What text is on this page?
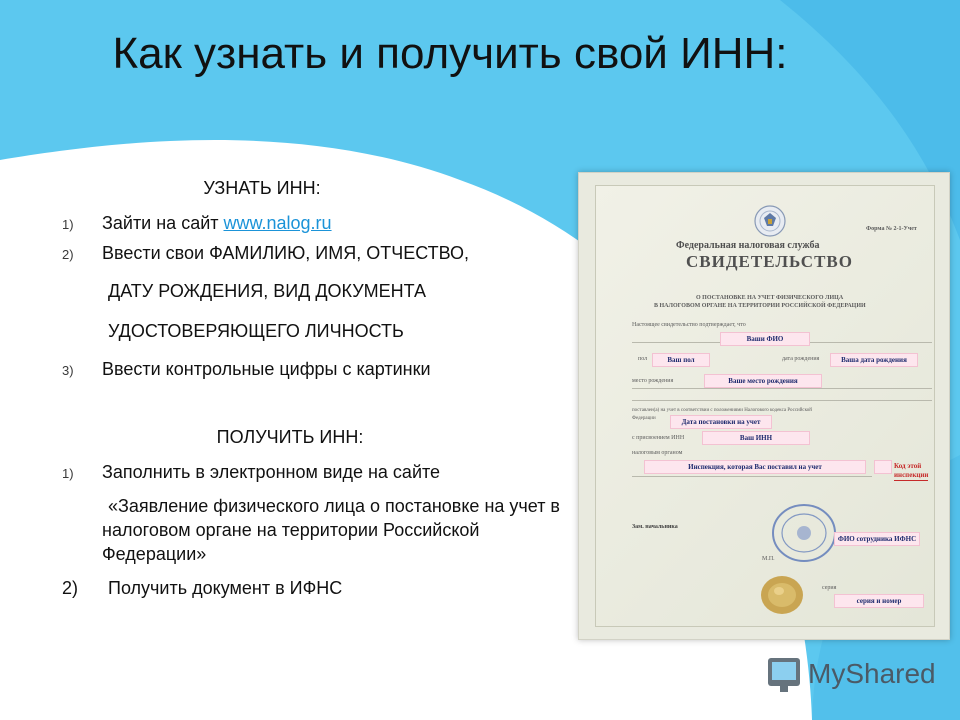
Как узнать и получить свой ИНН:
УЗНАТЬ ИНН:
1) Зайти на сайт www.nalog.ru
2) Ввести свои ФАМИЛИЮ, ИМЯ, ОТЧЕСТВО,
ДАТУ РОЖДЕНИЯ, ВИД ДОКУМЕНТА
УДОСТОВЕРЯЮЩЕГО ЛИЧНОСТЬ
3) Ввести контрольные цифры с картинки
ПОЛУЧИТЬ ИНН:
1) Заполнить в электронном виде на сайте
«Заявление физического лица о постановке на учет в налоговом органе на территории Российской Федерации»
2) Получить документ в ИФНС
Форма № 2-1-Учет
Федеральная налоговая служба
СВИДЕТЕЛЬСТВО
О ПОСТАНОВКЕ НА УЧЕТ ФИЗИЧЕСКОГО ЛИЦА
В НАЛОГОВОМ ОРГАНЕ НА ТЕРРИТОРИИ РОССИЙСКОЙ ФЕДЕРАЦИИ
Настоящее свидетельство подтверждает, что
Ваши ФИО
пол	Ваш пол	дата рождения	Ваша дата рождения
место рождения	Ваше место рождения
поставлен(а) на учет в соответствии с положениями Налогового кодекса Российской
Федерации	Дата постановки на учет
с присвоением ИНН	Ваш ИНН
налоговым органом
Инспекция, которая Вас поставил на учет	Код этой
инспекции
Зам. начальника
ФИО сотрудника ИФНС
М.П.
серия
серия и номер
MyShared
